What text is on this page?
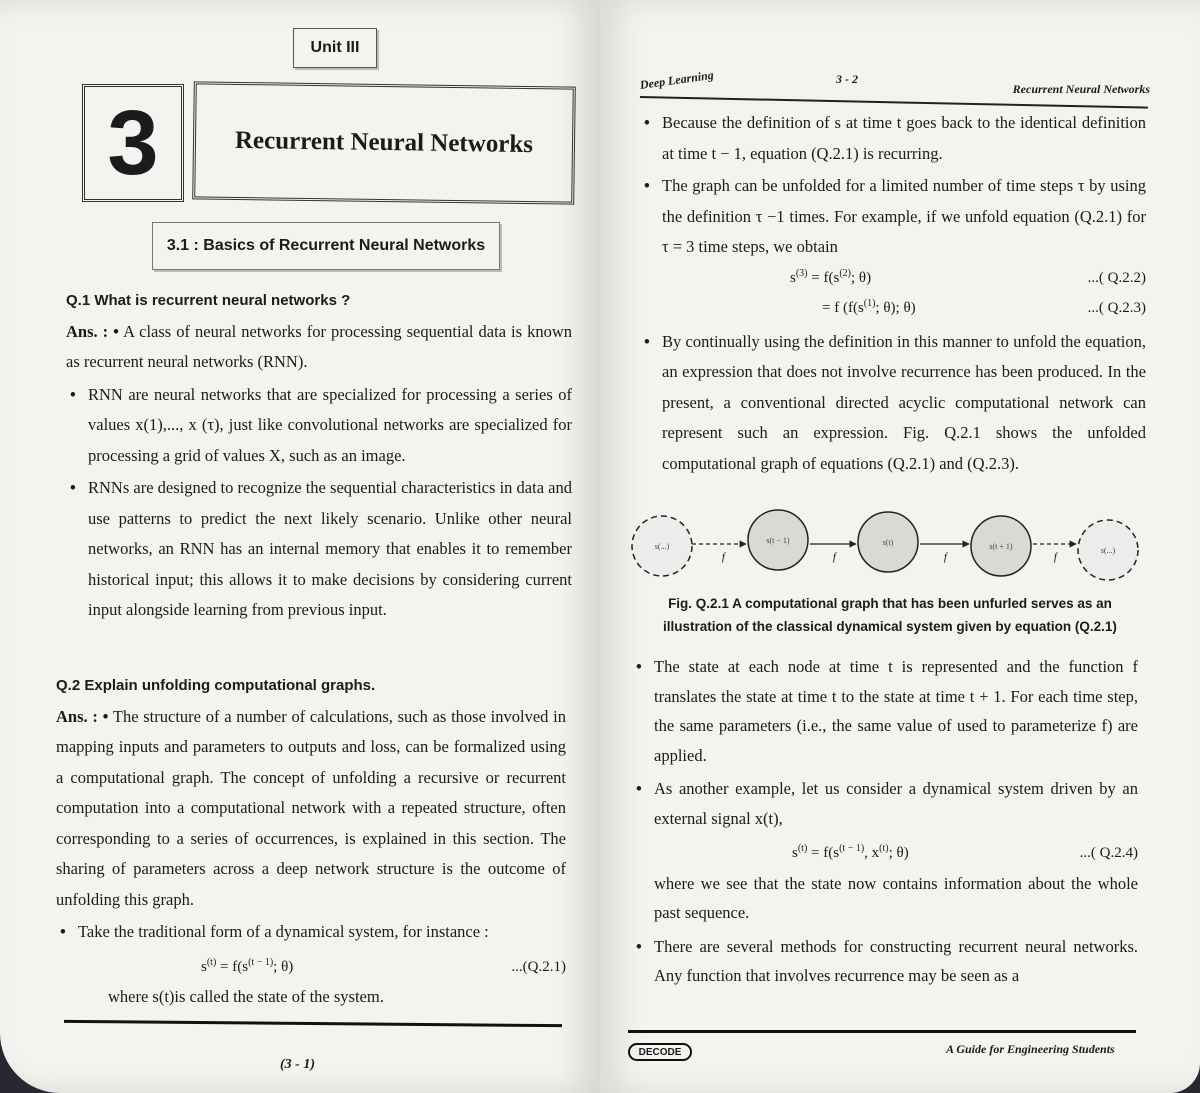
Unit III
3	Recurrent Neural Networks
3.1 : Basics of Recurrent Neural Networks
Q.1 What is recurrent neural networks ?
Ans. : • A class of neural networks for processing sequential data is known as recurrent neural networks (RNN).
• RNN are neural networks that are specialized for processing a series of values x(1),..., x (τ), just like convolutional networks are specialized for processing a grid of values X, such as an image.
• RNNs are designed to recognize the sequential characteristics in data and use patterns to predict the next likely scenario. Unlike other neural networks, an RNN has an internal memory that enables it to remember historical input; this allows it to make decisions by considering current input alongside learning from previous input.
Q.2 Explain unfolding computational graphs.
Ans. : • The structure of a number of calculations, such as those involved in mapping inputs and parameters to outputs and loss, can be formalized using a computational graph. The concept of unfolding a recursive or recurrent computation into a computational network with a repeated structure, often corresponding to a series of occurrences, is explained in this section. The sharing of parameters across a deep network structure is the outcome of unfolding this graph.
• Take the traditional form of a dynamical system, for instance :
$s^{(t)} = f(s^{(t - 1)}$; θ)	...(Q.2.1)
where s(t)is called the state of the system.
(3 - 1)
Deep Learning	3 - 2
Recurrent Neural Networks
• Because the definition of s at time t goes back to the identical definition at time t − 1, equation (Q.2.1) is recurring.
• The graph can be unfolded for a limited number of time steps τ by using the definition τ −1 times. For example, if we unfold equation (Q.2.1) for τ = 3 time steps, we obtain
$s^{(3)} = f(s^{(2)}$; θ)	...( Q.2.2)
= f ($f(s^{(1)}$; θ); θ)	...( Q.2.3)
• By continually using the definition in this manner to unfold the equation, an expression that does not involve recurrence has been produced. In the present, a conventional directed acyclic computational network can represent such an expression. Fig. Q.2.1 shows the unfolded computational graph of equations (Q.2.1) and (Q.2.3).
f	f	f	f
s(...)
s(t − 1)	s(t)	s(t + 1)	s(...)
Fig. Q.2.1 A computational graph that has been unfurled serves as an illustration of the classical dynamical system given by equation (Q.2.1)
• The state at each node at time t is represented and the function f translates the state at time t to the state at time t + 1. For each time step, the same parameters (i.e., the same value of used to parameterize f) are applied.
• As another example, let us consider a dynamical system driven by an external signal x(t),
$s^{(t)} = f(s^{(t - 1)}$, $x^{(t)}$; θ)	...( Q.2.4)
where we see that the state now contains information about the whole past sequence.
• There are several methods for constructing recurrent neural networks. Any function that involves recurrence may be seen as a
DECODE	A Guide for Engineering Students
